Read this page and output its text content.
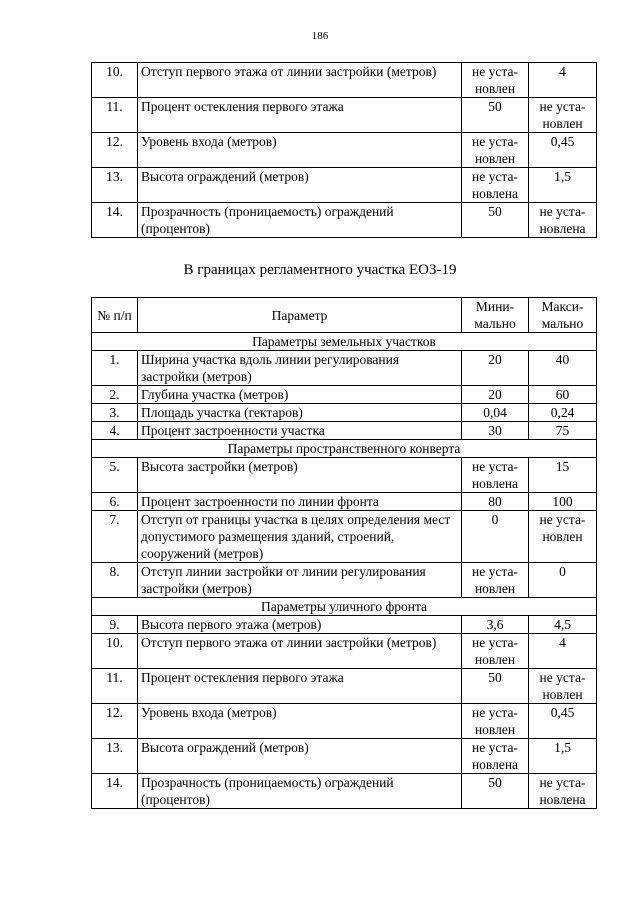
186
10.	Отступ первого этажа от линии застройки (метров)	не уста-новлен	4
11.	Процент остекления первого этажа	50	не уста-новлен
12.	Уровень входа (метров)	не уста-новлен	0,45
13.	Высота ограждений (метров)	не уста-новлена	1,5
14.	Прозрачность (проницаемость) ограждений (процентов)	50	не уста-новлена
В границах регламентного участка ЕОЗ-19
№ п/п	Параметр	Мини-мально	Макси-мально
Параметры земельных участков			
1.	Ширина участка вдоль линии регулирования застройки (метров)	20	40
2.	Глубина участка (метров)	20	60
3.	Площадь участка (гектаров)	0,04	0,24
4.	Процент застроенности участка	30	75
Параметры пространственного конверта			
5.	Высота застройки (метров)	не уста-новлена	15
6.	Процент застроенности по линии фронта	80	100
7.	Отступ от границы участка в целях определения мест допустимого размещения зданий, строений, сооружений (метров)	0	не уста-новлен
8.	Отступ линии застройки от линии регулирования застройки (метров)	не уста-новлен	0
Параметры уличного фронта			
9.	Высота первого этажа (метров)	3,6	4,5
10.	Отступ первого этажа от линии застройки (метров)	не уста-новлен	4
11.	Процент остекления первого этажа	50	не уста-новлен
12.	Уровень входа (метров)	не уста-новлен	0,45
13.	Высота ограждений (метров)	не уста-новлена	1,5
14.	Прозрачность (проницаемость) ограждений (процентов)	50	не уста-новлена
